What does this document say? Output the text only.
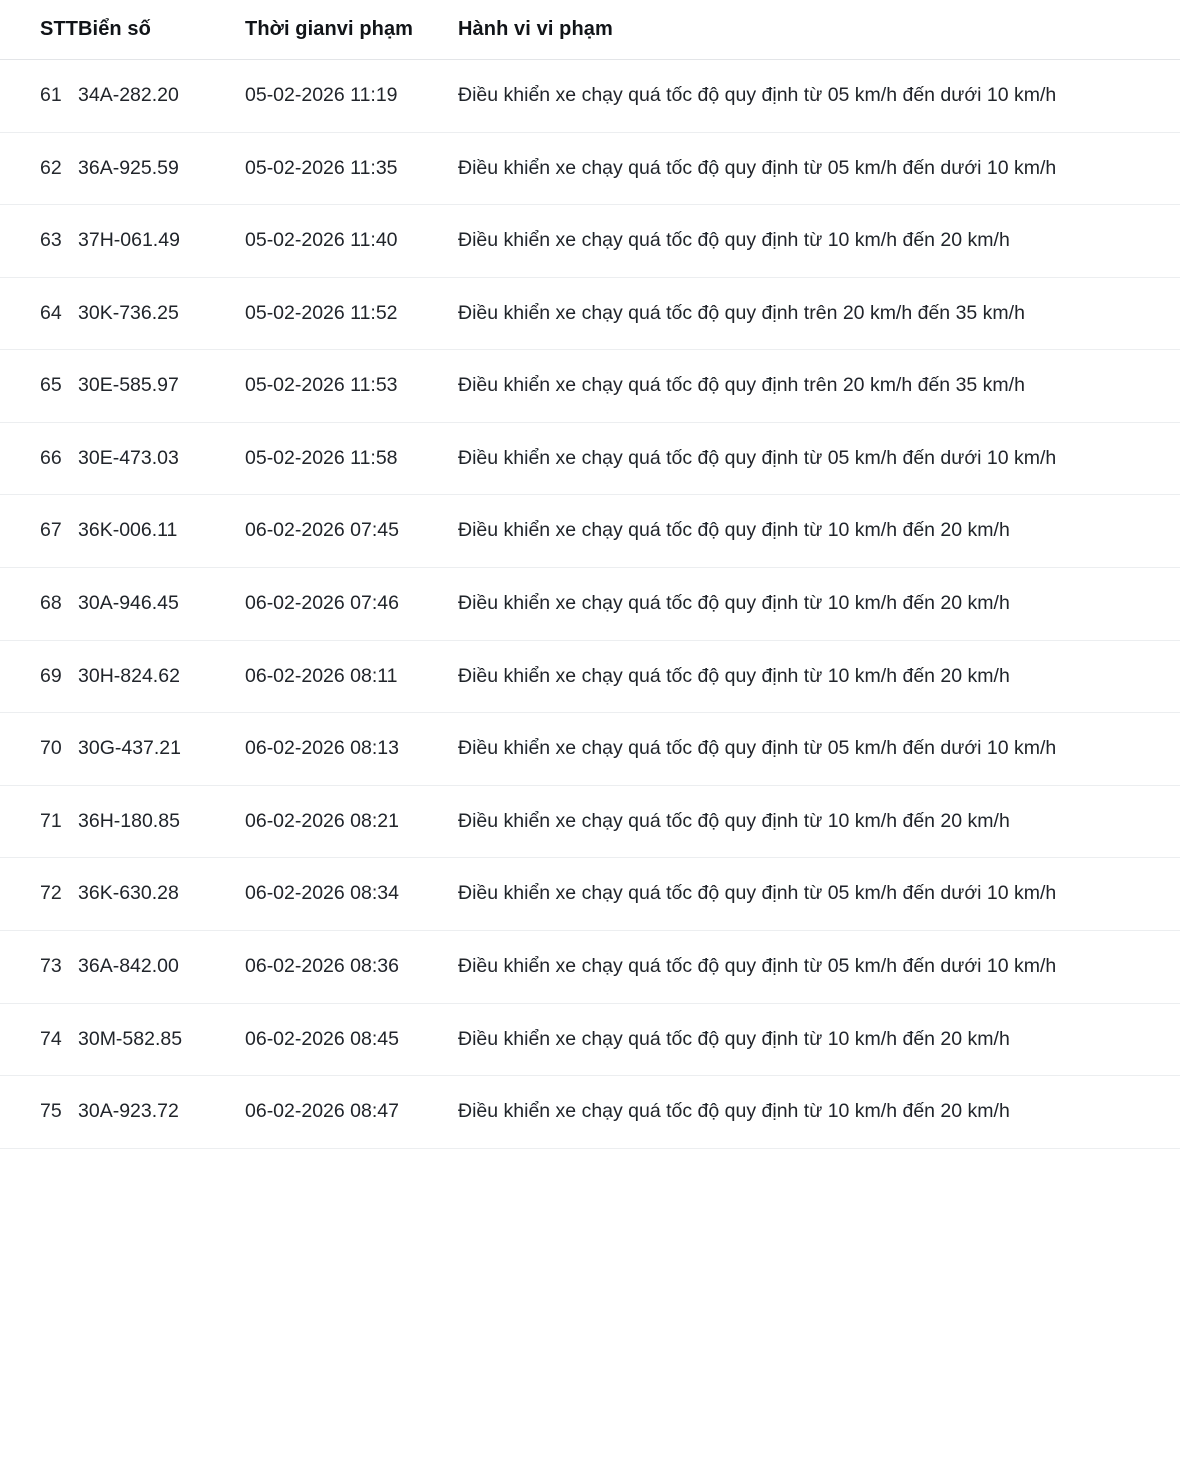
STT	Biển số	Thời gianvi phạm	Hành vi vi phạm
61	34A-282.20	05-02-2026 11:19	Điều khiển xe chạy quá tốc độ quy định từ 05 km/h đến dưới 10 km/h
62	36A-925.59	05-02-2026 11:35	Điều khiển xe chạy quá tốc độ quy định từ 05 km/h đến dưới 10 km/h
63	37H-061.49	05-02-2026 11:40	Điều khiển xe chạy quá tốc độ quy định từ 10 km/h đến 20 km/h
64	30K-736.25	05-02-2026 11:52	Điều khiển xe chạy quá tốc độ quy định trên 20 km/h đến 35 km/h
65	30E-585.97	05-02-2026 11:53	Điều khiển xe chạy quá tốc độ quy định trên 20 km/h đến 35 km/h
66	30E-473.03	05-02-2026 11:58	Điều khiển xe chạy quá tốc độ quy định từ 05 km/h đến dưới 10 km/h
67	36K-006.11	06-02-2026 07:45	Điều khiển xe chạy quá tốc độ quy định từ 10 km/h đến 20 km/h
68	30A-946.45	06-02-2026 07:46	Điều khiển xe chạy quá tốc độ quy định từ 10 km/h đến 20 km/h
69	30H-824.62	06-02-2026 08:11	Điều khiển xe chạy quá tốc độ quy định từ 10 km/h đến 20 km/h
70	30G-437.21	06-02-2026 08:13	Điều khiển xe chạy quá tốc độ quy định từ 05 km/h đến dưới 10 km/h
71	36H-180.85	06-02-2026 08:21	Điều khiển xe chạy quá tốc độ quy định từ 10 km/h đến 20 km/h
72	36K-630.28	06-02-2026 08:34	Điều khiển xe chạy quá tốc độ quy định từ 05 km/h đến dưới 10 km/h
73	36A-842.00	06-02-2026 08:36	Điều khiển xe chạy quá tốc độ quy định từ 05 km/h đến dưới 10 km/h
74	30M-582.85	06-02-2026 08:45	Điều khiển xe chạy quá tốc độ quy định từ 10 km/h đến 20 km/h
75	30A-923.72	06-02-2026 08:47	Điều khiển xe chạy quá tốc độ quy định từ 10 km/h đến 20 km/h
